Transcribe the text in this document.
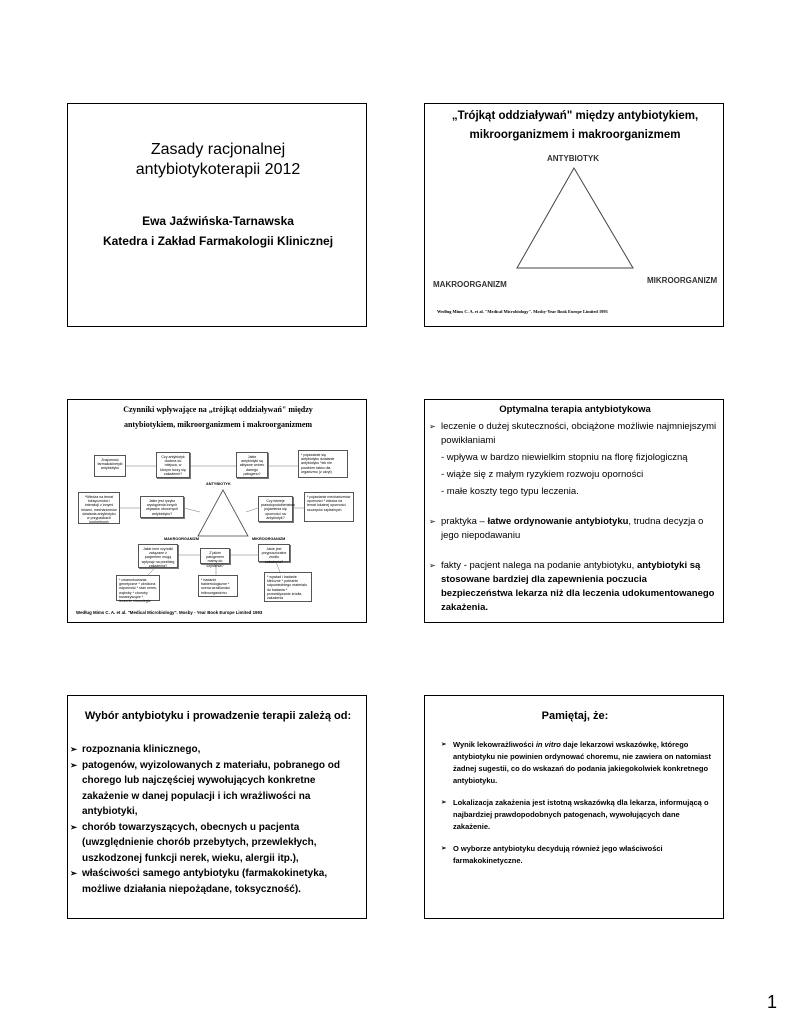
Zasady racjonalnej antybiotykoterapii 2012
Ewa Jaźwińska-Tarnawska
Katedra i Zakład Farmakologii Klinicznej
„Trójkąt oddziaływań" między antybiotykiem,
mikroorganizmem i makroorganizmem
ANTYBIOTYK
MAKROORGANIZM	MIKROORGANIZM
Według Mims C. A. et al. "Medical Microbiology". Mosby-Year Book Europe Limited 1993
Czynniki wpływające na „trójkąt oddziaływań" między
antybiotykiem, mikroorganizmem i makroorganizmem
Znajomość farmakokinetyki antybiotyku
Czy antybiotyk dociera do miejsca, w którym toczy się zakażenie?
Jakie antybiotyki są aktywne wobec danego patogenu?
* pojawianie się antybiotyku działanie antybiotyku *lek nie powinien łatwo dla organizmu (z ukryt)
*Wiedza na temat toksyczności i interakcji z innymi lekami, mechanizmów działania antybiotyku w przypadkach konkretnych
Jakie jest ryzyko wystąpienia innych objawów ubocznych antybiotyku?
Czy istnieje prawdopodobieństwo pojawienia się oporności na antybiotyk?
* pojawianie mechanizmów oporności * wiedza na temat lokalnej oporności szczepów szpitalnych
Jakie inne czynniki związane z pacjentem mogą wpłynąć na przebieg zakażenia?
Z jakim patogenem mamy do czynienia?
Jakie jest przypuszczalne źródło zakażenia?
* uwarunkowania genetyczne * obniżona odporność * stan nerek, wątroby * choroby towarzyszące * leczenie równoległe
* badanie bakteriologiczne * ocena wrażliwości mikroorganizmu
* wywiad i badanie kliniczne * pobranie odpowiedniego materiału do badania * przewidywanie źródła zakażenia
ANTYBIOTYK
MAKROORGANIZM	MIKROORGANIZM
Według Mims C. A. et al. "Medical Microbiology". Mosby - Year Book Europe Limited 1993
Optymalna terapia antybiotykowa
➢ leczenie o dużej skuteczności, obciążone możliwie najmniejszymi powikłaniami
- wpływa w bardzo niewielkim stopniu na florę fizjologiczną
- wiąże się z małym ryzykiem rozwoju oporności
- małe koszty tego typu leczenia.
➢ praktyka – łatwe ordynowanie antybiotyku, trudna decyzja o jego niepodawaniu
➢ fakty - pacjent nalega na podanie antybiotyku, antybiotyki są stosowane bardziej dla zapewnienia poczucia bezpieczeństwa lekarza niż dla leczenia udokumentowanego zakażenia.
Wybór antybiotyku i prowadzenie terapii zależą od:
➢ rozpoznania klinicznego,
➢ patogenów, wyizolowanych z materiału, pobranego od chorego lub najczęściej wywołujących konkretne zakażenie w danej populacji i ich wrażliwości na antybiotyki,
➢ chorób towarzyszących, obecnych u pacjenta (uwzględnienie chorób przebytych, przewlekłych, uszkodzonej funkcji nerek, wieku, alergii itp.),
➢ właściwości samego antybiotyku (farmakokinetyka, możliwe działania niepożądane, toksyczność).
Pamiętaj, że:
➢ Wynik lekowrażliwości in vitro daje lekarzowi wskazówkę, którego antybiotyku nie powinien ordynować choremu, nie zawiera on natomiast żadnej sugestii, co do wskazań do podania jakiegokolwiek konkretnego antybiotyku.
➢ Lokalizacja zakażenia jest istotną wskazówką dla lekarza, informującą o najbardziej prawdopodobnych patogenach, wywołujących dane zakażenie.
➢ O wyborze antybiotyku decydują również jego właściwości farmakokinetyczne.
1
